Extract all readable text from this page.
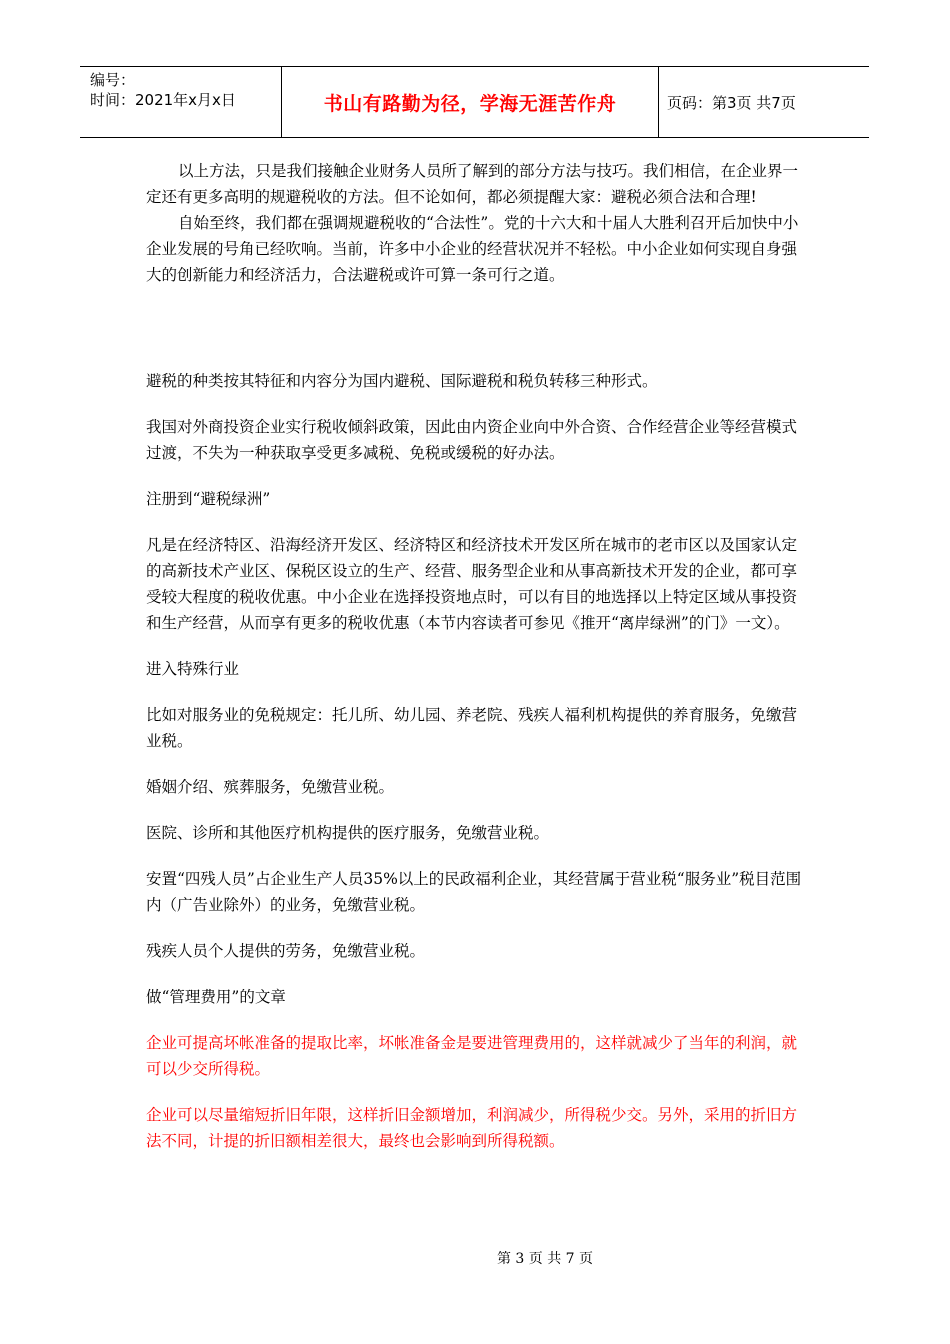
编号：
时间：2021年x月x日	书山有路勤为径，学海无涯苦作舟	页码：第3页 共7页

以上方法，只是我们接触企业财务人员所了解到的部分方法与技巧。我们相信，在企业界一定还有更多高明的规避税收的方法。但不论如何，都必须提醒大家：避税必须合法和合理!

自始至终，我们都在强调规避税收的“合法性”。党的十六大和十届人大胜利召开后加快中小企业发展的号角已经吹响。当前，许多中小企业的经营状况并不轻松。中小企业如何实现自身强大的创新能力和经济活力，合法避税或许可算一条可行之道。

避税的种类按其特征和内容分为国内避税、国际避税和税负转移三种形式。

我国对外商投资企业实行税收倾斜政策，因此由内资企业向中外合资、合作经营企业等经营模式过渡，不失为一种获取享受更多减税、免税或缓税的好办法。

注册到“避税绿洲”

凡是在经济特区、沿海经济开发区、经济特区和经济技术开发区所在城市的老市区以及国家认定的高新技术产业区、保税区设立的生产、经营、服务型企业和从事高新技术开发的企业，都可享受较大程度的税收优惠。中小企业在选择投资地点时，可以有目的地选择以上特定区域从事投资和生产经营，从而享有更多的税收优惠（本节内容读者可参见《推开“离岸绿洲”的门》一文）。

进入特殊行业

比如对服务业的免税规定：托儿所、幼儿园、养老院、残疾人福利机构提供的养育服务，免缴营业税。

婚姻介绍、殡葬服务，免缴营业税。

医院、诊所和其他医疗机构提供的医疗服务，免缴营业税。

安置“四残人员”占企业生产人员35%以上的民政福利企业，其经营属于营业税“服务业”税目范围内（广告业除外）的业务，免缴营业税。

残疾人员个人提供的劳务，免缴营业税。

做“管理费用”的文章

企业可提高坏帐准备的提取比率，坏帐准备金是要进管理费用的，这样就减少了当年的利润，就可以少交所得税。

企业可以尽量缩短折旧年限，这样折旧金额增加，利润减少，所得税少交。另外，采用的折旧方法不同，计提的折旧额相差很大，最终也会影响到所得税额。

第 3 页 共 7 页
